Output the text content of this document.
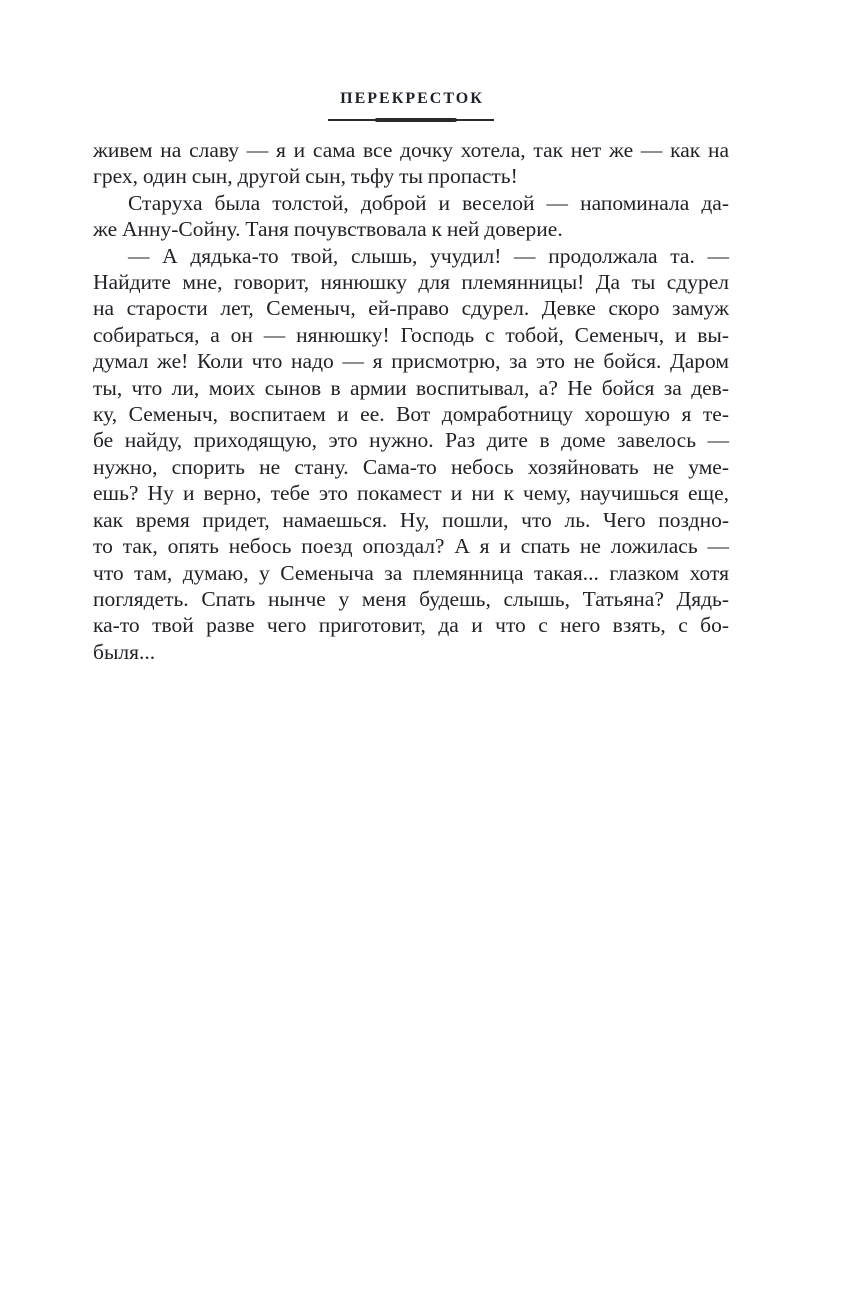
ПЕРЕКРЕСТОК
живем на славу — я и сама все дочку хотела, так нет же — как на
грех, один сын, другой сын, тьфу ты пропасть!
Старуха была толстой, доброй и веселой — напоминала да-
же Анну-Сойну. Таня почувствовала к ней доверие.
— А дядька-то твой, слышь, учудил! — продолжала та. —
Найдите мне, говорит, нянюшку для племянницы! Да ты сдурел
на старости лет, Семеныч, ей-право сдурел. Девке скоро замуж
собираться, а он — нянюшку! Господь с тобой, Семеныч, и вы-
думал же! Коли что надо — я присмотрю, за это не бойся. Даром
ты, что ли, моих сынов в армии воспитывал, а? Не бойся за дев-
ку, Семеныч, воспитаем и ее. Вот домработницу хорошую я те-
бе найду, приходящую, это нужно. Раз дите в доме завелось —
нужно, спорить не стану. Сама-то небось хозяйновать не уме-
ешь? Ну и верно, тебе это покамест и ни к чему, научишься еще,
как время придет, намаешься. Ну, пошли, что ль. Чего поздно-
то так, опять небось поезд опоздал? А я и спать не ложилась —
что там, думаю, у Семеныча за племянница такая... глазком хотя
поглядеть. Спать нынче у меня будешь, слышь, Татьяна? Дядь-
ка-то твой разве чего приготовит, да и что с него взять, с бо-
быля...
